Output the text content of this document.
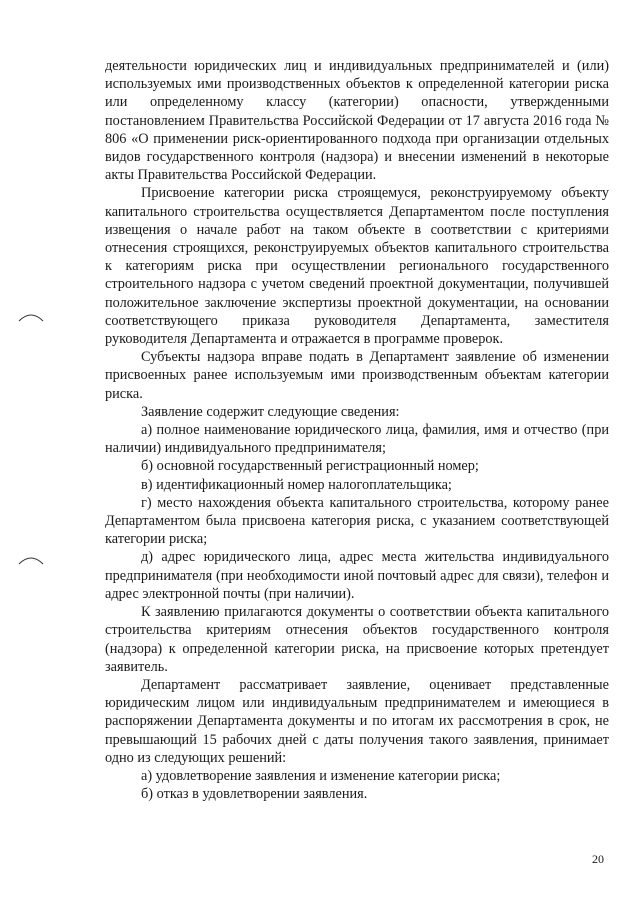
деятельности юридических лиц и индивидуальных предпринимателей и (или) используемых ими производственных объектов к определенной категории риска или определенному классу (категории) опасности, утвержденными постановлением Правительства Российской Федерации от 17 августа 2016 года № 806 «О применении риск-ориентированного подхода при организации отдельных видов государственного контроля (надзора) и внесении изменений в некоторые акты Правительства Российской Федерации.

Присвоение категории риска строящемуся, реконструируемому объекту капитального строительства осуществляется Департаментом после поступления извещения о начале работ на таком объекте в соответствии с критериями отнесения строящихся, реконструируемых объектов капитального строительства к категориям риска при осуществлении регионального государственного строительного надзора с учетом сведений проектной документации, получившей положительное заключение экспертизы проектной документации, на основании соответствующего приказа руководителя Департамента, заместителя руководителя Департамента и отражается в программе проверок.

Субъекты надзора вправе подать в Департамент заявление об изменении присвоенных ранее используемым ими производственным объектам категории риска.

Заявление содержит следующие сведения:

а) полное наименование юридического лица, фамилия, имя и отчество (при наличии) индивидуального предпринимателя;

б) основной государственный регистрационный номер;

в) идентификационный номер налогоплательщика;

г) место нахождения объекта капитального строительства, которому ранее Департаментом была присвоена категория риска, с указанием соответствующей категории риска;

д) адрес юридического лица, адрес места жительства индивидуального предпринимателя (при необходимости иной почтовый адрес для связи), телефон и адрес электронной почты (при наличии).

К заявлению прилагаются документы о соответствии объекта капитального строительства критериям отнесения объектов государственного контроля (надзора) к определенной категории риска, на присвоение которых претендует заявитель.

Департамент рассматривает заявление, оценивает представленные юридическим лицом или индивидуальным предпринимателем и имеющиеся в распоряжении Департамента документы и по итогам их рассмотрения в срок, не превышающий 15 рабочих дней с даты получения такого заявления, принимает одно из следующих решений:

а) удовлетворение заявления и изменение категории риска;

б) отказ в удовлетворении заявления.

20
